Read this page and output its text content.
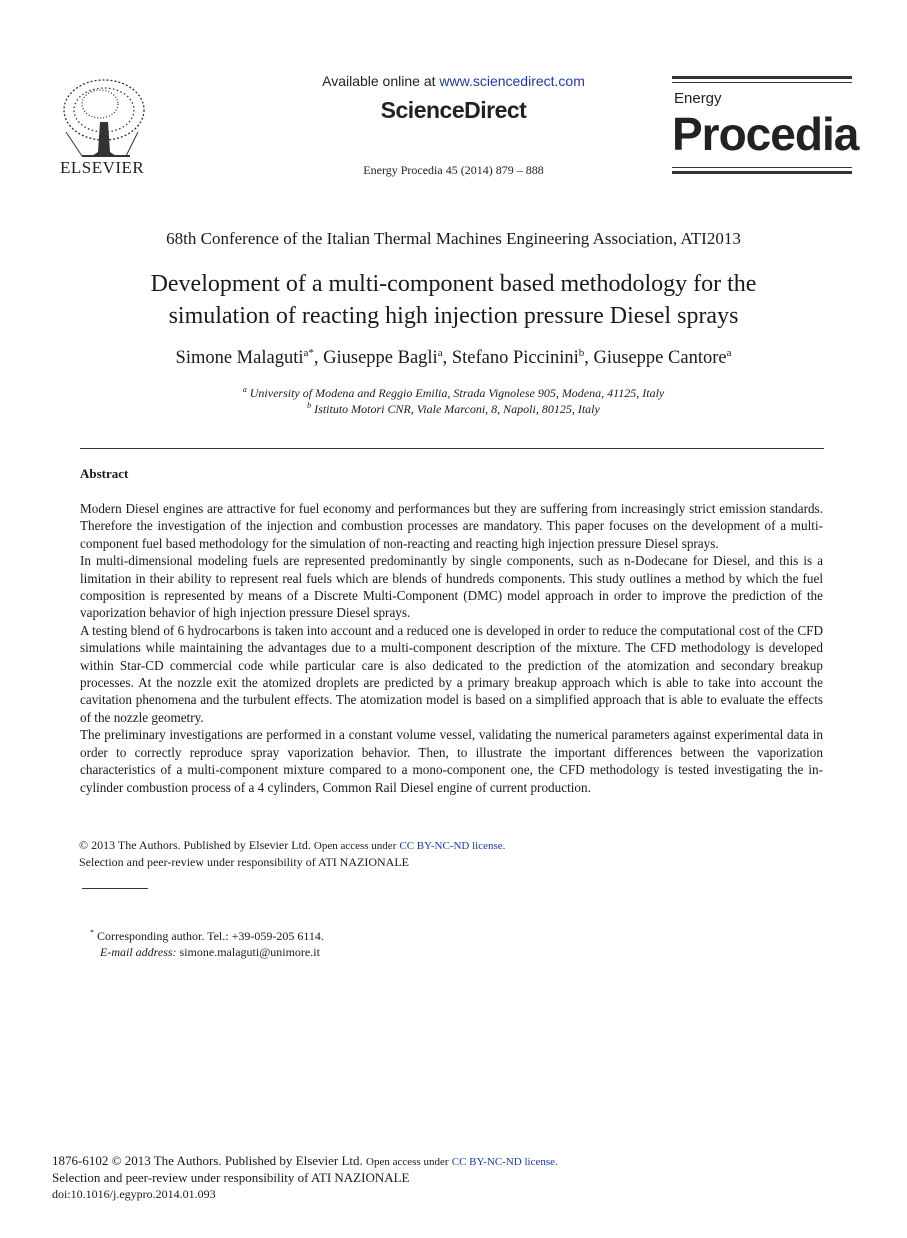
ELSEVIER
Available online at www.sciencedirect.com
ScienceDirect
Energy Procedia 45 (2014) 879 – 888
Energy
Procedia
68th Conference of the Italian Thermal Machines Engineering Association, ATI2013
Development of a multi-component based methodology for the
simulation of reacting high injection pressure Diesel sprays
Simone Malaguti$^{a*}$, Giuseppe Bagli$^a$, Stefano Piccinini$^b$, Giuseppe Cantore$^a$
$^a$ University of Modena and Reggio Emilia, Strada Vignolese 905, Modena, 41125, Italy
$^b$ Istituto Motori CNR, Viale Marconi, 8, Napoli, 80125, Italy
Abstract

Modern Diesel engines are attractive for fuel economy and performances but they are suffering from increasingly strict emission standards. Therefore the investigation of the injection and combustion processes are mandatory. This paper focuses on the development of a multi-component fuel based methodology for the simulation of non-reacting and reacting high injection pressure Diesel sprays.

In multi-dimensional modeling fuels are represented predominantly by single components, such as n-Dodecane for Diesel, and this is a limitation in their ability to represent real fuels which are blends of hundreds components. This study outlines a method by which the fuel composition is represented by means of a Discrete Multi-Component (DMC) model approach in order to improve the prediction of the vaporization behavior of high injection pressure Diesel sprays.

A testing blend of 6 hydrocarbons is taken into account and a reduced one is developed in order to reduce the computational cost of the CFD simulations while maintaining the advantages due to a multi-component description of the mixture. The CFD methodology is developed within Star-CD commercial code while particular care is also dedicated to the prediction of the atomization and secondary breakup processes. At the nozzle exit the atomized droplets are predicted by a primary breakup approach which is able to take into account the cavitation phenomena and the turbulent effects. The atomization model is based on a simplified approach that is able to evaluate the effects of the nozzle geometry.

The preliminary investigations are performed in a constant volume vessel, validating the numerical parameters against experimental data in order to correctly reproduce spray vaporization behavior. Then, to illustrate the important differences between the vaporization characteristics of a multi-component mixture compared to a mono-component one, the CFD methodology is tested investigating the in-cylinder combustion process of a 4 cylinders, Common Rail Diesel engine of current production.

© 2013 The Authors. Published by Elsevier Ltd. Open access under CC BY-NC-ND license.
Selection and peer-review under responsibility of ATI NAZIONALE
* Corresponding author. Tel.: +39-059-205 6114.
E-mail address: simone.malaguti@unimore.it
1876-6102 © 2013 The Authors. Published by Elsevier Ltd. Open access under CC BY-NC-ND license.
Selection and peer-review under responsibility of ATI NAZIONALE
doi:10.1016/j.egypro.2014.01.093
